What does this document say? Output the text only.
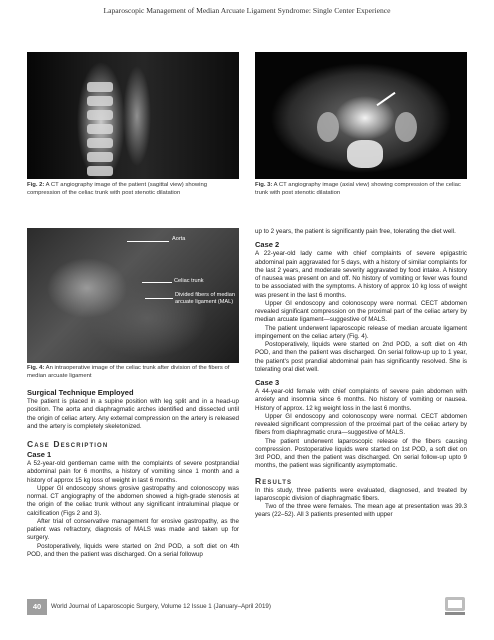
Laparoscopic Management of Median Arcuate Ligament Syndrome: Single Center Experience

Fig. 2: A CT angiography image of the patient (sagittal view) showing compression of the celiac trunk with post stenotic dilatation

Fig. 3: A CT angiography image (axial view) showing compression of the celiac trunk with post stenotic dilatation

Aorta
Celiac trunk
Divided fibers of median arcuate ligament (MAL)

Fig. 4: An intraoperative image of the celiac trunk after division of the fibers of median arcuate ligament

Surgical Technique Employed

The patient is placed in a supine position with leg split and in a head-up position. The aorta and diaphragmatic arches identified and dissected until the origin of celiac artery. Any external compression on the artery is released and the artery is completely skeletonized.

Case Description
Case 1

A 52-year-old gentleman came with the complaints of severe postprandial abdominal pain for 6 months, a history of vomiting since 1 month and a history of approx 15 kg loss of weight in last 6 months.

Upper GI endoscopy shows grosive gastropathy and colonoscopy was normal. CT angiography of the abdomen showed a high-grade stenosis at the origin of the celiac trunk without any significant intraluminal plaque or calcification (Figs 2 and 3).

After trial of conservative management for erosive gastropathy, as the patient was refractory, diagnosis of MALS was made and taken up for surgery.

Postoperatively, liquids were started on 2nd POD, a soft diet on 4th POD, and then the patient was discharged. On a serial followup

up to 2 years, the patient is significantly pain free, tolerating the diet well.

Case 2

A 22-year-old lady came with chief complaints of severe epigastric abdominal pain aggravated for 5 days, with a history of similar complaints for the last 2 years, and moderate severity aggravated by food intake. A history of nausea was present on and off. No history of vomiting or fever was found to be associated with the symptoms. A history of approx 10 kg loss of weight was present in the last 6 months.

Upper GI endoscopy and colonoscopy were normal. CECT abdomen revealed significant compression on the proximal part of the celiac artery by median arcuate ligament—suggestive of MALS.

The patient underwent laparoscopic release of median arcuate ligament impingement on the celiac artery (Fig. 4).

Postoperatively, liquids were started on 2nd POD, a soft diet on 4th POD, and then the patient was discharged. On serial follow-up up to 1 year, the patient's post prandial abdominal pain has significantly resolved. She is tolerating oral diet well.

Case 3

A 44-year-old female with chief complaints of severe pain abdomen with anxiety and insomnia since 6 months. No history of vomiting or nausea. History of approx. 12 kg weight loss in the last 6 months.

Upper GI endoscopy and colonoscopy were normal. CECT abdomen revealed significant compression of the proximal part of the celiac artery by fibers from diaphragmatic crura—suggestive of MALS.

The patient underwent laparoscopic release of the fibers causing compression. Postoperative liquids were started on 1st POD, a soft diet on 3rd POD, and then the patient was discharged. On serial follow-up upto 9 months, the patient was significantly asymptomatic.

Results

In this study, three patients were evaluated, diagnosed, and treated by laparoscopic division of diaphragmatic fibers.

Two of the three were females. The mean age at presentation was 39.3 years (22–52). All 3 patients presented with upper

40	World Journal of Laparoscopic Surgery, Volume 12 Issue 1 (January–April 2019)
